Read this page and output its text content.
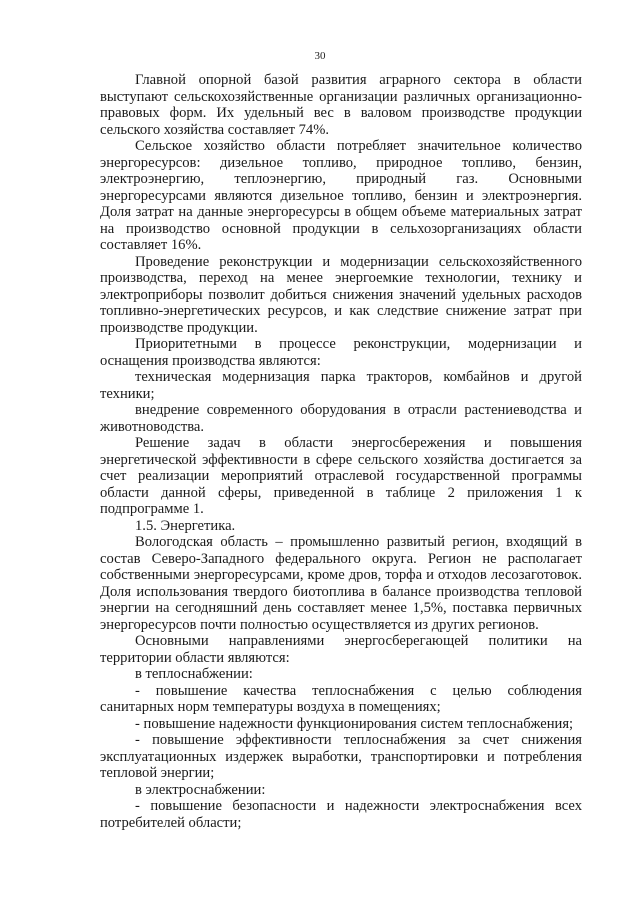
30

Главной опорной базой развития аграрного сектора в области выступают сельскохозяйственные организации различных организационно-правовых форм. Их удельный вес в валовом производстве продукции сельского хозяйства составляет 74%.

Сельское хозяйство области потребляет значительное количество энергоресурсов: дизельное топливо, природное топливо, бензин, электроэнергию, теплоэнергию, природный газ. Основными энергоресурсами являются дизельное топливо, бензин и электроэнергия. Доля затрат на данные энергоресурсы в общем объеме материальных затрат на производство основной продукции в сельхозорганизациях области составляет 16%.

Проведение реконструкции и модернизации сельскохозяйственного производства, переход на менее энергоемкие технологии, технику и электроприборы позволит добиться снижения значений удельных расходов топливно-энергетических ресурсов, и как следствие снижение затрат при производстве продукции.

Приоритетными в процессе реконструкции, модернизации и оснащения производства являются:

техническая модернизация парка тракторов, комбайнов и другой техники;

внедрение современного оборудования в отрасли растениеводства и животноводства.

Решение задач в области энергосбережения и повышения энергетической эффективности в сфере сельского хозяйства достигается за счет реализации мероприятий отраслевой государственной программы области данной сферы, приведенной в таблице 2 приложения 1 к подпрограмме 1.

1.5. Энергетика.

Вологодская область – промышленно развитый регион, входящий в состав Северо-Западного федерального округа. Регион не располагает собственными энергоресурсами, кроме дров, торфа и отходов лесозаготовок. Доля использования твердого биотоплива в балансе производства тепловой энергии на сегодняшний день составляет менее 1,5%, поставка первичных энергоресурсов почти полностью осуществляется из других регионов.

Основными направлениями энергосберегающей политики на территории области являются:

в теплоснабжении:

- повышение качества теплоснабжения с целью соблюдения санитарных норм температуры воздуха в помещениях;

- повышение надежности функционирования систем теплоснабжения;

- повышение эффективности теплоснабжения за счет снижения эксплуатационных издержек выработки, транспортировки и потребления тепловой энергии;

в электроснабжении:

- повышение безопасности и надежности электроснабжения всех потребителей области;
